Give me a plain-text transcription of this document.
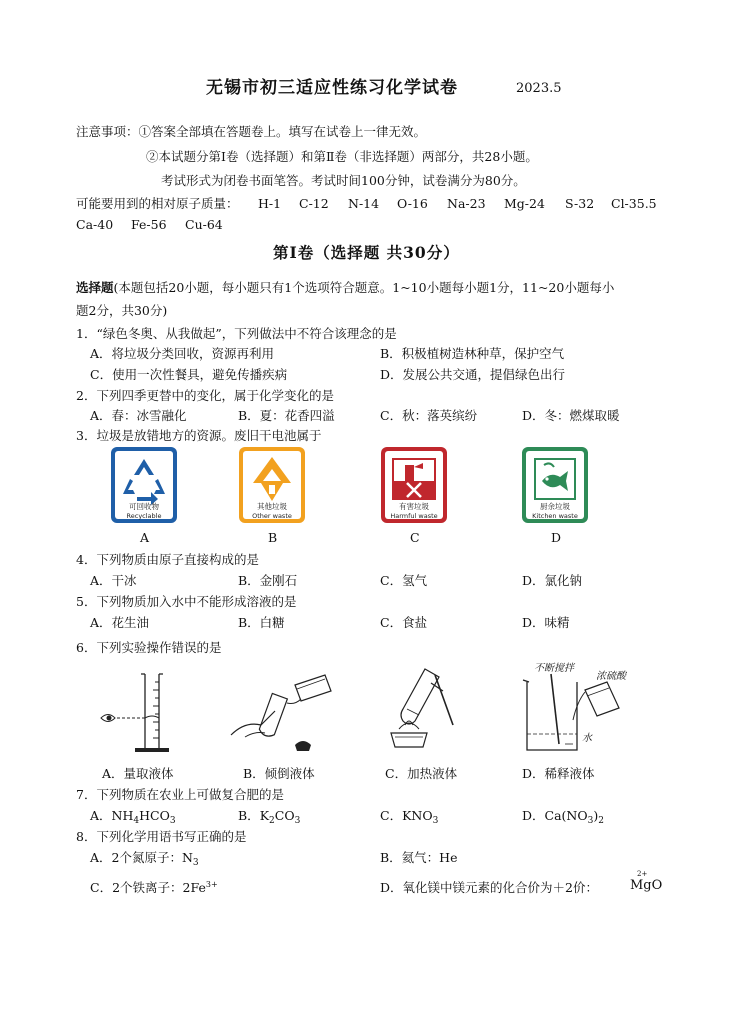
无锡市初三适应性练习化学试卷	2023.5
注意事项：①答案全部填在答题卷上。填写在试卷上一律无效。
②本试题分第Ⅰ卷（选择题）和第Ⅱ卷（非选择题）两部分，共28小题。
考试形式为闭卷书面笔答。考试时间100分钟，试卷满分为80分。
可能要用到的相对原子质量： H-1 C-12 N-14 O-16 Na-23 Mg-24 S-32 Cl-35.5
Ca-40 Fe-56 Cu-64
第Ⅰ卷（选择题 共30分）
选择题(本题包括20小题，每小题只有1个选项符合题意。1~10小题每小题1分，11~20小题每小
题2分，共30分)
1．“绿色冬奥、从我做起”，下列做法中不符合该理念的是
A．将垃圾分类回收，资源再利用	B．积极植树造林种草，保护空气
C．使用一次性餐具，避免传播疾病	D．发展公共交通，提倡绿色出行
2．下列四季更替中的变化，属于化学变化的是
A．春：冰雪融化	B．夏：花香四溢	C．秋：落英缤纷	D．冬：燃煤取暖
3．垃圾是放错地方的资源。废旧干电池属于
可回收物
Recyclable
A
其他垃圾
Other waste
B
有害垃圾
Harmful waste
C
厨余垃圾
Kitchen waste
D
4．下列物质由原子直接构成的是
A．干冰	B．金刚石	C．氢气	D．氯化钠
5．下列物质加入水中不能形成溶液的是
A．花生油	B．白糖	C．食盐	D．味精
6．下列实验操作错误的是
不断搅拌
浓硫酸
水
A．量取液体	B．倾倒液体	C．加热液体	D．稀释液体
7．下列物质在农业上可做复合肥的是
A．$NH_4HCO_3$	B．$K_2CO_3$	C．$KNO_3$	D．$Ca(NO_3)_2$
8．下列化学用语书写正确的是
A．2个氮原子：$N_3$	B．氦气：He
C．2个铁离子：$2Fe^{3+}$	D．氧化镁中镁元素的化合价为＋2价：
2+
MgO
